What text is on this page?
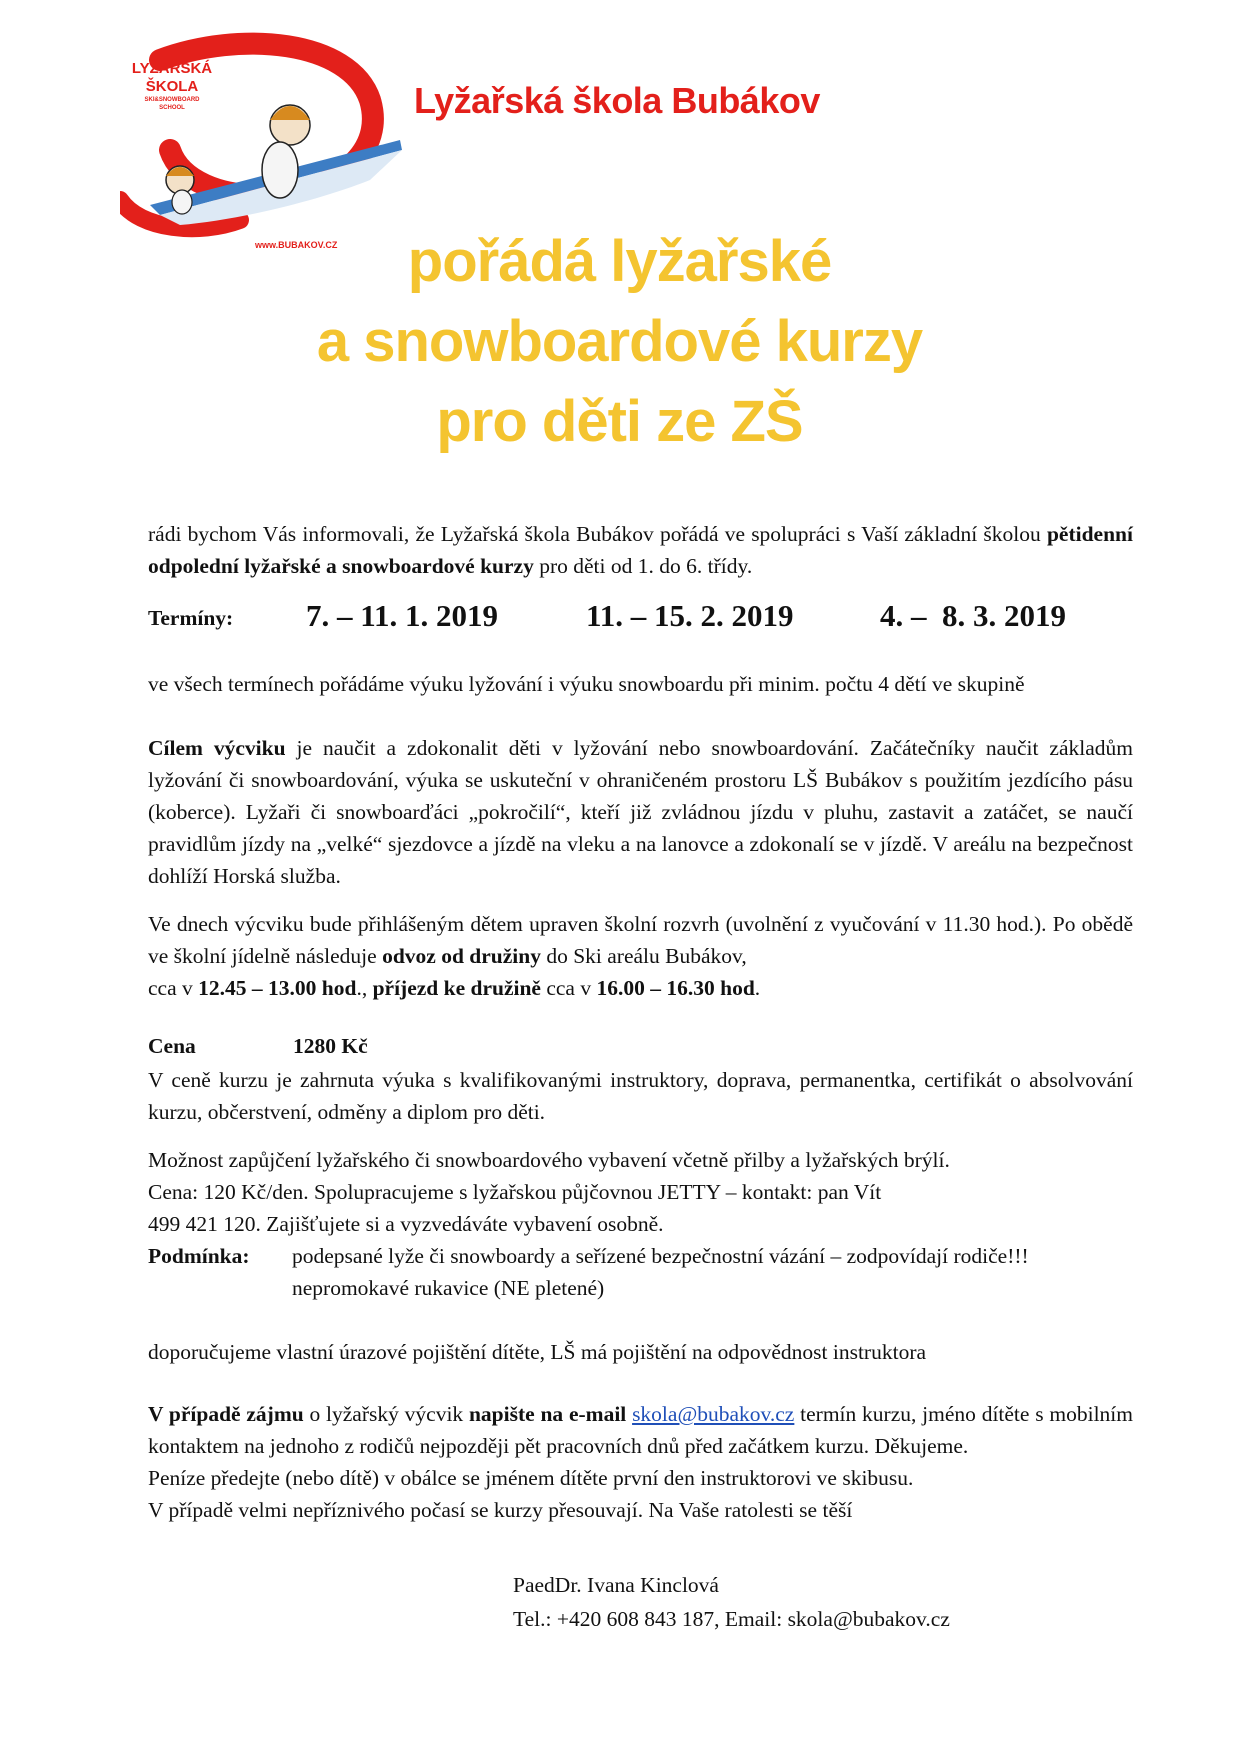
LYŽAŘSKÁ
ŠKOLA
SKI&SNOWBOARD
SCHOOL
www.BUBAKOV.CZ
Lyžařská škola Bubákov
pořádá lyžařské
a snowboardové kurzy
pro děti ze ZŠ
rádi bychom Vás informovali, že Lyžařská škola Bubákov pořádá ve spolupráci s Vaší základní školou pětidenní odpolední lyžařské a snowboardové kurzy pro děti od 1. do 6. třídy.
Termíny: 7. – 11. 1. 2019	11. – 15. 2. 2019	4. –  8. 3. 2019
ve všech termínech pořádáme výuku lyžování i výuku snowboardu při minim. počtu 4 dětí ve skupině
Cílem výcviku je naučit a zdokonalit děti v lyžování nebo snowboardování. Začátečníky naučit základům lyžování či snowboardování, výuka se uskuteční v ohraničeném prostoru LŠ Bubákov s použitím jezdícího pásu (koberce). Lyžaři či snowboarďáci „pokročilí“, kteří již zvládnou jízdu v pluhu, zastavit a zatáčet, se naučí pravidlům jízdy na „velké“ sjezdovce a jízdě na vleku a na lanovce a zdokonalí se v jízdě. V areálu na bezpečnost dohlíží Horská služba.
Ve dnech výcviku bude přihlášeným dětem upraven školní rozvrh (uvolnění z vyučování v 11.30 hod.). Po obědě ve školní jídelně následuje odvoz od družiny do Ski areálu Bubákov,
cca v 12.45 – 13.00 hod., příjezd ke družině cca v 16.00 – 16.30 hod.
Cena	1280 Kč
V ceně kurzu je zahrnuta výuka s kvalifikovanými instruktory, doprava, permanentka, certifikát o absolvování kurzu, občerstvení, odměny a diplom pro děti.
Možnost zapůjčení lyžařského či snowboardového vybavení včetně přilby a lyžařských brýlí.
Cena: 120 Kč/den. Spolupracujeme s lyžařskou půjčovnou JETTY – kontakt: pan Vít
499 421 120. Zajišťujete si a vyzvedáváte vybavení osobně.
Podmínka: podepsané lyže či snowboardy a seřízené bezpečnostní vázání – zodpovídají rodiče!!!
nepromokavé rukavice (NE pletené)
doporučujeme vlastní úrazové pojištění dítěte, LŠ má pojištění na odpovědnost instruktora
V případě zájmu o lyžařský výcvik napište na e-mail skola@bubakov.cz termín kurzu, jméno dítěte s mobilním kontaktem na jednoho z rodičů nejpozději pět pracovních dnů před začátkem kurzu. Děkujeme.
Peníze předejte (nebo dítě) v obálce se jménem dítěte první den instruktorovi ve skibusu.
V případě velmi nepříznivého počasí se kurzy přesouvají. Na Vaše ratolesti se těší
PaedDr. Ivana Kinclová
Tel.: +420 608 843 187, Email: skola@bubakov.cz
